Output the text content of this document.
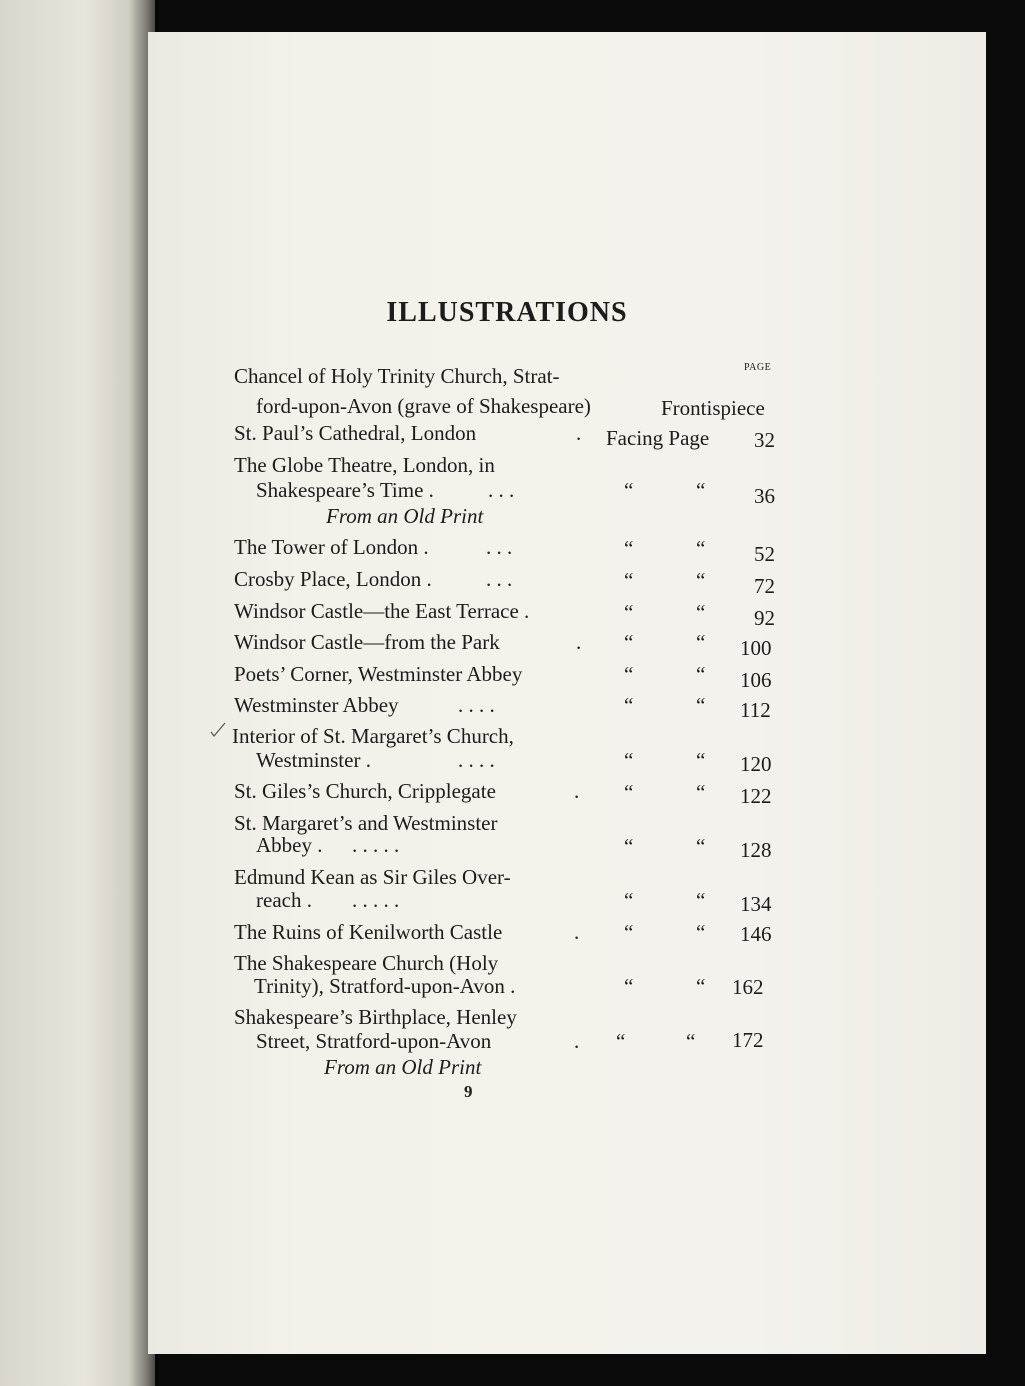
ILLUSTRATIONS
PAGE
Chancel of Holy Trinity Church, Strat-
ford-upon-Avon (grave of Shakespeare)	Frontispiece
St. Paul’s Cathedral, London	. Facing Page 32
The Globe Theatre, London, in
Shakespeare’s Time .	. . .	“	“ 36
From an Old Print
The Tower of London .	. . .	“	“ 52
Crosby Place, London .	. . .	“	“ 72
Windsor Castle—the East Terrace .	“	“ 92
Windsor Castle—from the Park	. “	“ 100
Poets’ Corner, Westminster Abbey	“	“ 106
Westminster Abbey	. . . .	“	“ 112
Interior of St. Margaret’s Church,
Westminster .	. . . .	“	“ 120
St. Giles’s Church, Cripplegate	. “	“ 122
St. Margaret’s and Westminster
Abbey . . . . . .	“	“ 128
Edmund Kean as Sir Giles Over-
reach . . . . . .	“	“ 134
The Ruins of Kenilworth Castle	. “	“ 146
The Shakespeare Church (Holy
Trinity), Stratford-upon-Avon .	“	“ 162
Shakespeare’s Birthplace, Henley
Street, Stratford-upon-Avon	. “	“ 172
From an Old Print
9
